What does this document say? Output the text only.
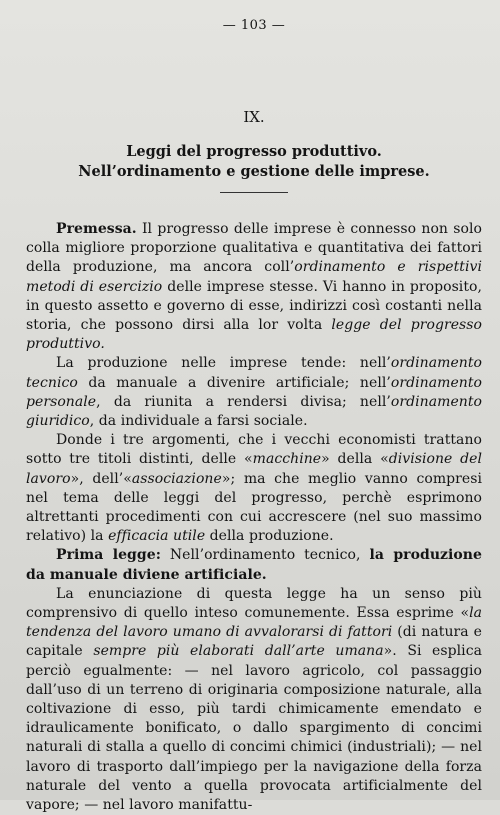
— 103 —
IX.
Leggi del progresso produttivo.
Nell’ordinamento e gestione delle imprese.

Premessa. Il progresso delle imprese è connesso non solo colla migliore proporzione qualitativa e quantitativa dei fattori della produzione, ma ancora coll’ordinamento e rispettivi metodi di esercizio delle imprese stesse. Vi hanno in proposito, in questo assetto e governo di esse, indirizzi così costanti nella storia, che possono dirsi alla lor volta legge del progresso produttivo.

La produzione nelle imprese tende: nell’ordinamento tecnico da manuale a divenire artificiale; nell’ordinamento personale, da riunita a rendersi divisa; nell’ordinamento giuridico, da individuale a farsi sociale.

Donde i tre argomenti, che i vecchi economisti trattano sotto tre titoli distinti, delle «macchine» della «divisione del lavoro», dell’«associazione»; ma che meglio vanno compresi nel tema delle leggi del progresso, perchè esprimono altrettanti procedimenti con cui accrescere (nel suo massimo relativo) la efficacia utile della produzione.

Prima legge: Nell’ordinamento tecnico, la produzione da manuale diviene artificiale.

La enunciazione di questa legge ha un senso più comprensivo di quello inteso comunemente. Essa esprime «la tendenza del lavoro umano di avvalorarsi di fattori (di natura e capitale sempre più elaborati dall’arte umana». Si esplica perciò egualmente: — nel lavoro agricolo, col passaggio dall’uso di un terreno di originaria composizione naturale, alla coltivazione di esso, più tardi chimicamente emendato e idraulicamente bonificato, o dallo spargimento di concimi naturali di stalla a quello di concimi chimici (industriali); — nel lavoro di trasporto dall’impiego per la navigazione della forza naturale del vento a quella provocata artificialmente del vapore; — nel lavoro manifattu-
